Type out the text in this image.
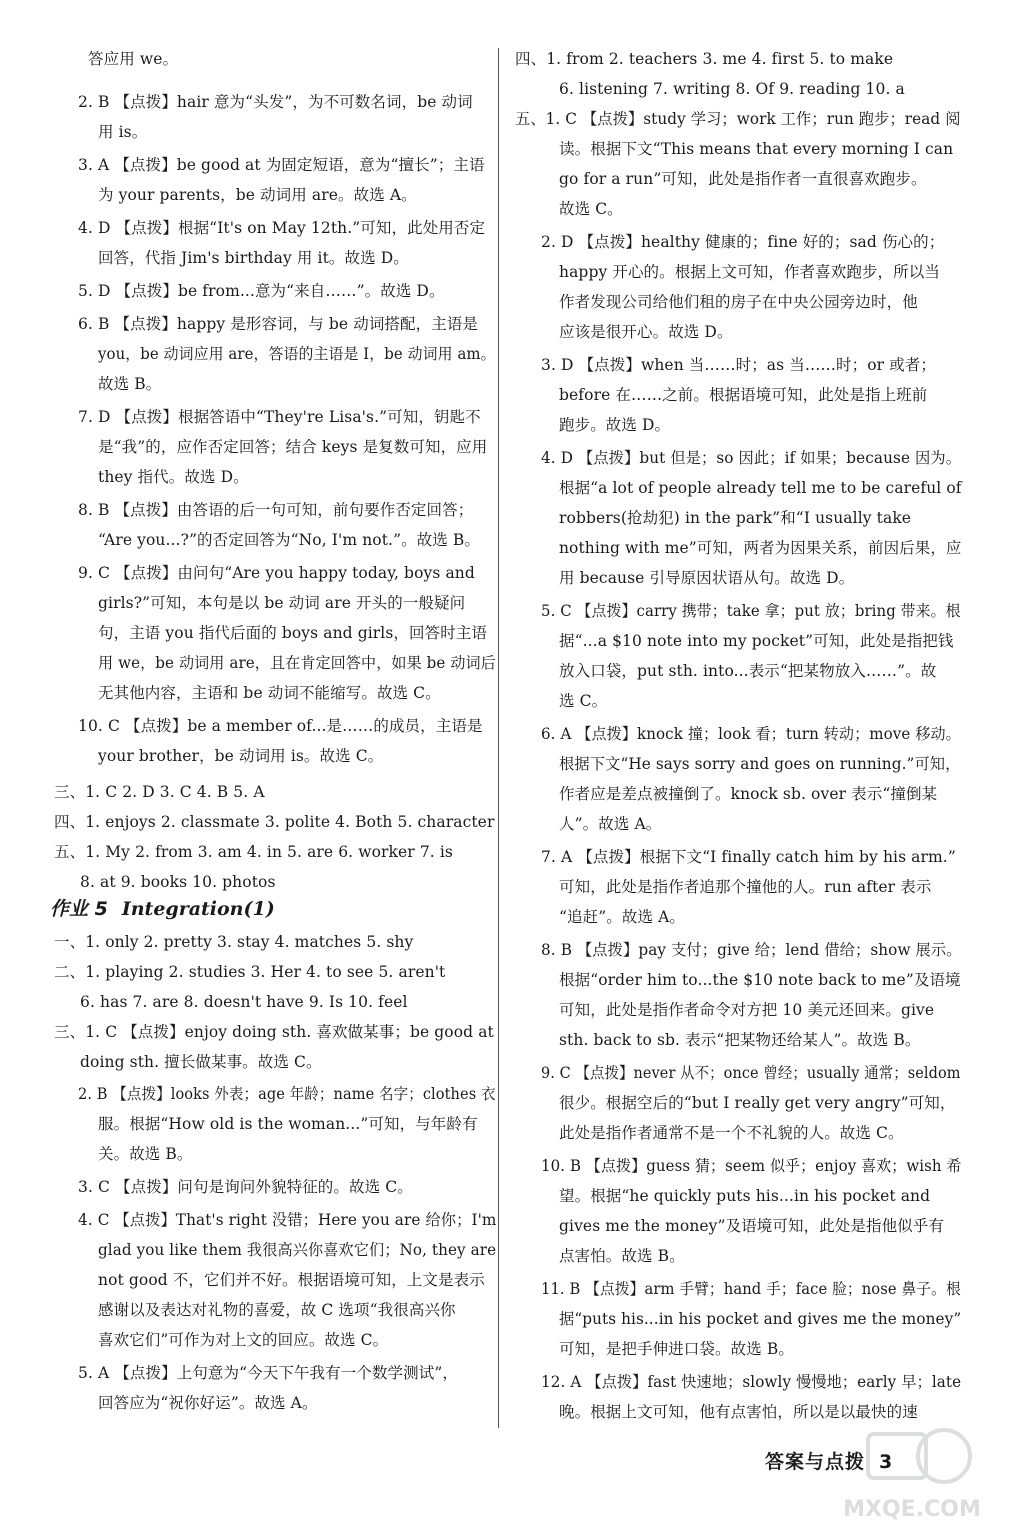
答应用 we。
2. B 【点拨】hair 意为“头发”，为不可数名词，be 动词
用 is。
3. A 【点拨】be good at 为固定短语，意为“擅长”；主语
为 your parents，be 动词用 are。故选 A。
4. D 【点拨】根据“It's on May 12th.”可知，此处用否定
回答，代指 Jim's birthday 用 it。故选 D。
5. D 【点拨】be from...意为“来自……”。故选 D。
6. B 【点拨】happy 是形容词，与 be 动词搭配，主语是
you，be 动词应用 are，答语的主语是 I，be 动词用 am。
故选 B。
7. D 【点拨】根据答语中“They're Lisa's.”可知，钥匙不
是“我”的，应作否定回答；结合 keys 是复数可知，应用
they 指代。故选 D。
8. B 【点拨】由答语的后一句可知，前句要作否定回答；
“Are you...?”的否定回答为“No, I'm not.”。故选 B。
9. C 【点拨】由问句“Are you happy today, boys and
girls?”可知，本句是以 be 动词 are 开头的一般疑问
句，主语 you 指代后面的 boys and girls，回答时主语
用 we，be 动词用 are，且在肯定回答中，如果 be 动词后
无其他内容，主语和 be 动词不能缩写。故选 C。
10. C 【点拨】be a member of...是……的成员，主语是
your brother，be 动词用 is。故选 C。
三、1. C 2. D 3. C 4. B 5. A
四、1. enjoys 2. classmate 3. polite 4. Both 5. character
五、1. My 2. from 3. am 4. in 5. are 6. worker 7. is
8. at 9. books 10. photos
作业 5 Integration(1)
一、1. only 2. pretty 3. stay 4. matches 5. shy
二、1. playing 2. studies 3. Her 4. to see 5. aren't
6. has 7. are 8. doesn't have 9. Is 10. feel
三、1. C 【点拨】enjoy doing sth. 喜欢做某事；be good at
doing sth. 擅长做某事。故选 C。
2. B 【点拨】looks 外表；age 年龄；name 名字；clothes 衣
服。根据“How old is the woman...”可知，与年龄有
关。故选 B。
3. C 【点拨】问句是询问外貌特征的。故选 C。
4. C 【点拨】That's right 没错；Here you are 给你；I'm
glad you like them 我很高兴你喜欢它们；No, they are
not good 不，它们并不好。根据语境可知，上文是表示
感谢以及表达对礼物的喜爱，故 C 选项“我很高兴你
喜欢它们”可作为对上文的回应。故选 C。
5. A 【点拨】上句意为“今天下午我有一个数学测试”，
回答应为“祝你好运”。故选 A。
四、1. from 2. teachers 3. me 4. first 5. to make
6. listening 7. writing 8. Of 9. reading 10. a
五、1. C 【点拨】study 学习；work 工作；run 跑步；read 阅
读。根据下文“This means that every morning I can
go for a run”可知，此处是指作者一直很喜欢跑步。
故选 C。
2. D 【点拨】healthy 健康的；fine 好的；sad 伤心的；
happy 开心的。根据上文可知，作者喜欢跑步，所以当
作者发现公司给他们租的房子在中央公园旁边时，他
应该是很开心。故选 D。
3. D 【点拨】when 当……时；as 当……时；or 或者；
before 在……之前。根据语境可知，此处是指上班前
跑步。故选 D。
4. D 【点拨】but 但是；so 因此；if 如果；because 因为。
根据“a lot of people already tell me to be careful of
robbers(抢劫犯) in the park”和“I usually take
nothing with me”可知，两者为因果关系，前因后果，应
用 because 引导原因状语从句。故选 D。
5. C 【点拨】carry 携带；take 拿；put 放；bring 带来。根
据“...a $10 note into my pocket”可知，此处是指把钱
放入口袋，put sth. into...表示“把某物放入……”。故
选 C。
6. A 【点拨】knock 撞；look 看；turn 转动；move 移动。
根据下文“He says sorry and goes on running.”可知，
作者应是差点被撞倒了。knock sb. over 表示“撞倒某
人”。故选 A。
7. A 【点拨】根据下文“I finally catch him by his arm.”
可知，此处是指作者追那个撞他的人。run after 表示
“追赶”。故选 A。
8. B 【点拨】pay 支付；give 给；lend 借给；show 展示。
根据“order him to...the $10 note back to me”及语境
可知，此处是指作者命令对方把 10 美元还回来。give
sth. back to sb. 表示“把某物还给某人”。故选 B。
9. C 【点拨】never 从不；once 曾经；usually 通常；seldom
很少。根据空后的“but I really get very angry”可知，
此处是指作者通常不是一个不礼貌的人。故选 C。
10. B 【点拨】guess 猜；seem 似乎；enjoy 喜欢；wish 希
望。根据“he quickly puts his...in his pocket and
gives me the money”及语境可知，此处是指他似乎有
点害怕。故选 B。
11. B 【点拨】arm 手臂；hand 手；face 脸；nose 鼻子。根
据“puts his...in his pocket and gives me the money”
可知，是把手伸进口袋。故选 B。
12. A 【点拨】fast 快速地；slowly 慢慢地；early 早；late
晚。根据上文可知，他有点害怕，所以是以最快的速
答案与点拨 3
MXQE.COM
